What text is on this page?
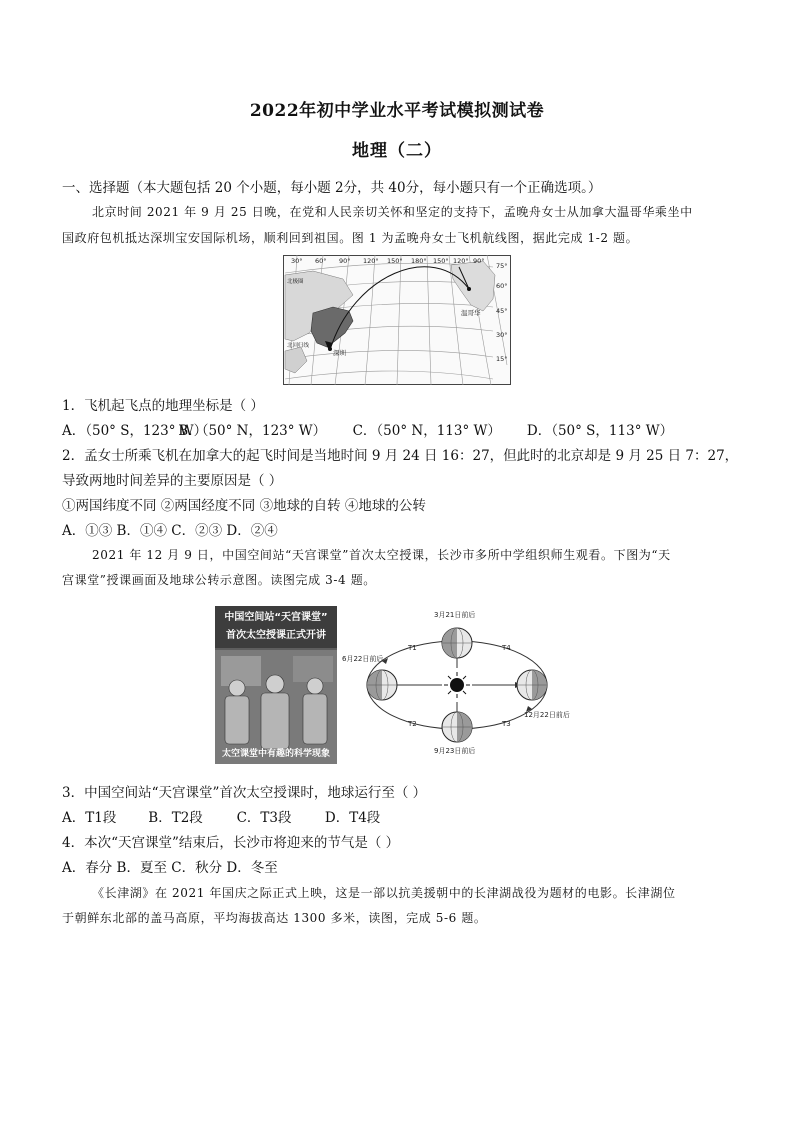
2022年初中学业水平考试模拟测试卷
地理（二）
一、选择题（本大题包括 20 个小题，每小题 2分，共 40分，每小题只有一个正确选项。）
北京时间 2021 年 9 月 25 日晚，在党和人民亲切关怀和坚定的支持下，孟晚舟女士从加拿大温哥华乘坐中
国政府包机抵达深圳宝安国际机场，顺利回到祖国。图 1 为孟晚舟女士飞机航线图，据此完成 1-2 题。
30° 60° 90° 120° 150° 180° 150° 120° 90°
75°
60°
45°
30°
15°
北极圈
北回归线
温哥华
深圳
1．飞机起飞点的地理坐标是（ ）
A．（50° S，123° W） B．（50° N，123° W） C．（50° N，113° W） D．（50° S，113° W）
2．孟女士所乘飞机在加拿大的起飞时间是当地时间 9 月 24 日 16：27，但此时的北京却是 9 月 25 日 7：27，
导致两地时间差异的主要原因是（ ）
①两国纬度不同 ②两国经度不同 ③地球的自转 ④地球的公转
A．①③ B．①④ C．②③ D．②④
2021 年 12 月 9 日，中国空间站“天宫课堂”首次太空授课，长沙市多所中学组织师生观看。下图为“天
宫课堂”授课画面及地球公转示意图。读图完成 3-4 题。
中国空间站“天宫课堂”
首次太空授课正式开讲
太空课堂中有趣的科学现象
3月21日前后
6月22日前后
12月22日前后
9月23日前后
T1	T4
T2	T3
3．中国空间站“天宫课堂”首次太空授课时，地球运行至（ ）
A．T1段 B．T2段	C．T3段 D．T4段
4．本次“天宫课堂”结束后，长沙市将迎来的节气是（ ）
A．春分 B．夏至 C．秋分 D．冬至
《长津湖》在 2021 年国庆之际正式上映，这是一部以抗美援朝中的长津湖战役为题材的电影。长津湖位
于朝鲜东北部的盖马高原，平均海拔高达 1300 多米，读图，完成 5-6 题。
